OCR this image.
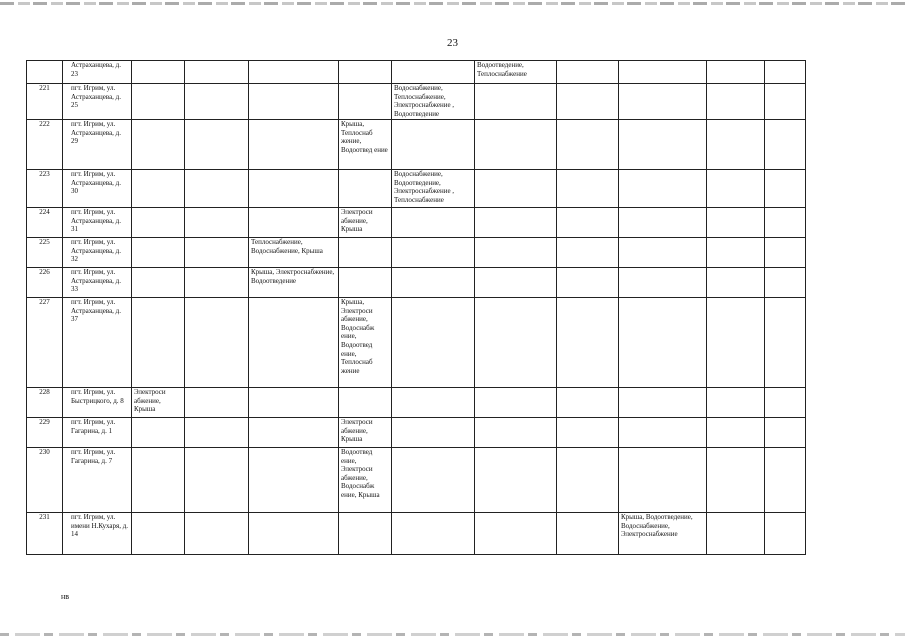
23
	Астраханцева, д. 23						Водоотведение, Теплоснабжение				
221	пгт. Игрим, ул. Астраханцева, д. 25					Водоснабжение, Теплоснабжение, Электроснабжение , Водоотведение					
222	пгт. Игрим, ул. Астраханцева, д. 29				Крыша, Теплоснаб жение, Водоотвед ение						
223	пгт. Игрим, ул. Астраханцева, д. 30					Водоснабжение, Водоотведение, Электроснабжение , Теплоснабжение					
224	пгт. Игрим, ул. Астраханцева, д. 31				Электроси абжение, Крыша						
225	пгт. Игрим, ул. Астраханцева, д. 32			Теплоснабжение, Водоснабжение, Крыша							
226	пгт. Игрим, ул. Астраханцева, д. 33			Крыша, Электроснабжение, Водоотведение							
227	пгт. Игрим, ул. Астраханцева, д. 37				Крыша, Электроси абжение, Водоснабж ение, Водоотвед ение, Теплоснаб жение						
228	пгт. Игрим, ул. Быстрицкого, д. 8	Электроси абжение, Крыша									
229	пгт. Игрим, ул. Гагарина, д. 1				Электроси абжение, Крыша						
230	пгт. Игрим, ул. Гагарина, д. 7				Водоотвед ение, Электроси абжение, Водоснабж ение, Крыша						
231	пгт. Игрим, ул. имени Н.Кухаря, д. 14								Крыша, Водоотведение, Водоснабжение, Электроснабжение		
нв
